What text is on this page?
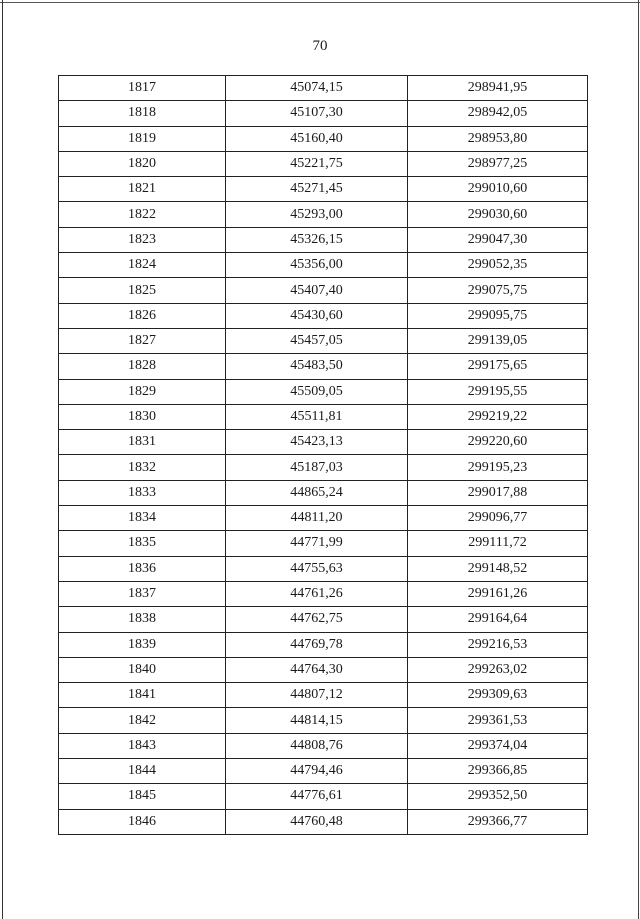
70
1817	45074,15	298941,95
1818	45107,30	298942,05
1819	45160,40	298953,80
1820	45221,75	298977,25
1821	45271,45	299010,60
1822	45293,00	299030,60
1823	45326,15	299047,30
1824	45356,00	299052,35
1825	45407,40	299075,75
1826	45430,60	299095,75
1827	45457,05	299139,05
1828	45483,50	299175,65
1829	45509,05	299195,55
1830	45511,81	299219,22
1831	45423,13	299220,60
1832	45187,03	299195,23
1833	44865,24	299017,88
1834	44811,20	299096,77
1835	44771,99	299111,72
1836	44755,63	299148,52
1837	44761,26	299161,26
1838	44762,75	299164,64
1839	44769,78	299216,53
1840	44764,30	299263,02
1841	44807,12	299309,63
1842	44814,15	299361,53
1843	44808,76	299374,04
1844	44794,46	299366,85
1845	44776,61	299352,50
1846	44760,48	299366,77
